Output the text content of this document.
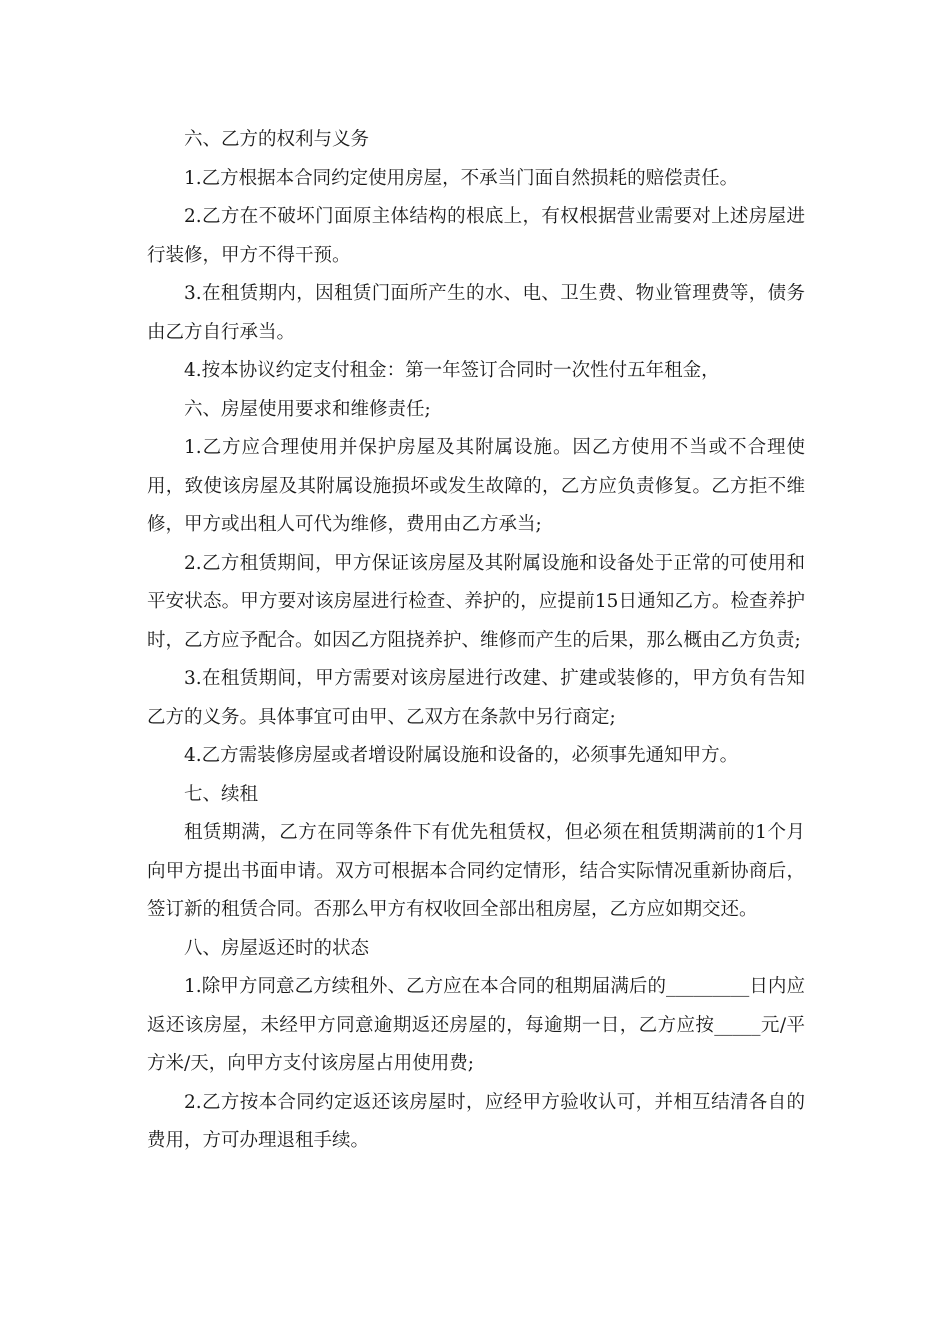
六、乙方的权利与义务

1.乙方根据本合同约定使用房屋，不承当门面自然损耗的赔偿责任。

2.乙方在不破坏门面原主体结构的根底上，有权根据营业需要对上述房屋进行装修，甲方不得干预。

3.在租赁期内，因租赁门面所产生的水、电、卫生费、物业管理费等，债务由乙方自行承当。

4.按本协议约定支付租金：第一年签订合同时一次性付五年租金，

六、房屋使用要求和维修责任;

1.乙方应合理使用并保护房屋及其附属设施。因乙方使用不当或不合理使用，致使该房屋及其附属设施损坏或发生故障的，乙方应负责修复。乙方拒不维修，甲方或出租人可代为维修，费用由乙方承当;

2.乙方租赁期间，甲方保证该房屋及其附属设施和设备处于正常的可使用和平安状态。甲方要对该房屋进行检查、养护的，应提前15日通知乙方。检查养护时，乙方应予配合。如因乙方阻挠养护、维修而产生的后果，那么概由乙方负责;

3.在租赁期间，甲方需要对该房屋进行改建、扩建或装修的，甲方负有告知乙方的义务。具体事宜可由甲、乙双方在条款中另行商定;

4.乙方需装修房屋或者增设附属设施和设备的，必须事先通知甲方。

七、续租

租赁期满，乙方在同等条件下有优先租赁权，但必须在租赁期满前的1个月向甲方提出书面申请。双方可根据本合同约定情形，结合实际情况重新协商后，签订新的租赁合同。否那么甲方有权收回全部出租房屋，乙方应如期交还。

八、房屋返还时的状态

1.除甲方同意乙方续租外、乙方应在本合同的租期届满后的_________日内应返还该房屋，未经甲方同意逾期返还房屋的，每逾期一日，乙方应按_____元/平方米/天，向甲方支付该房屋占用使用费;

2.乙方按本合同约定返还该房屋时，应经甲方验收认可，并相互结清各自的费用，方可办理退租手续。
